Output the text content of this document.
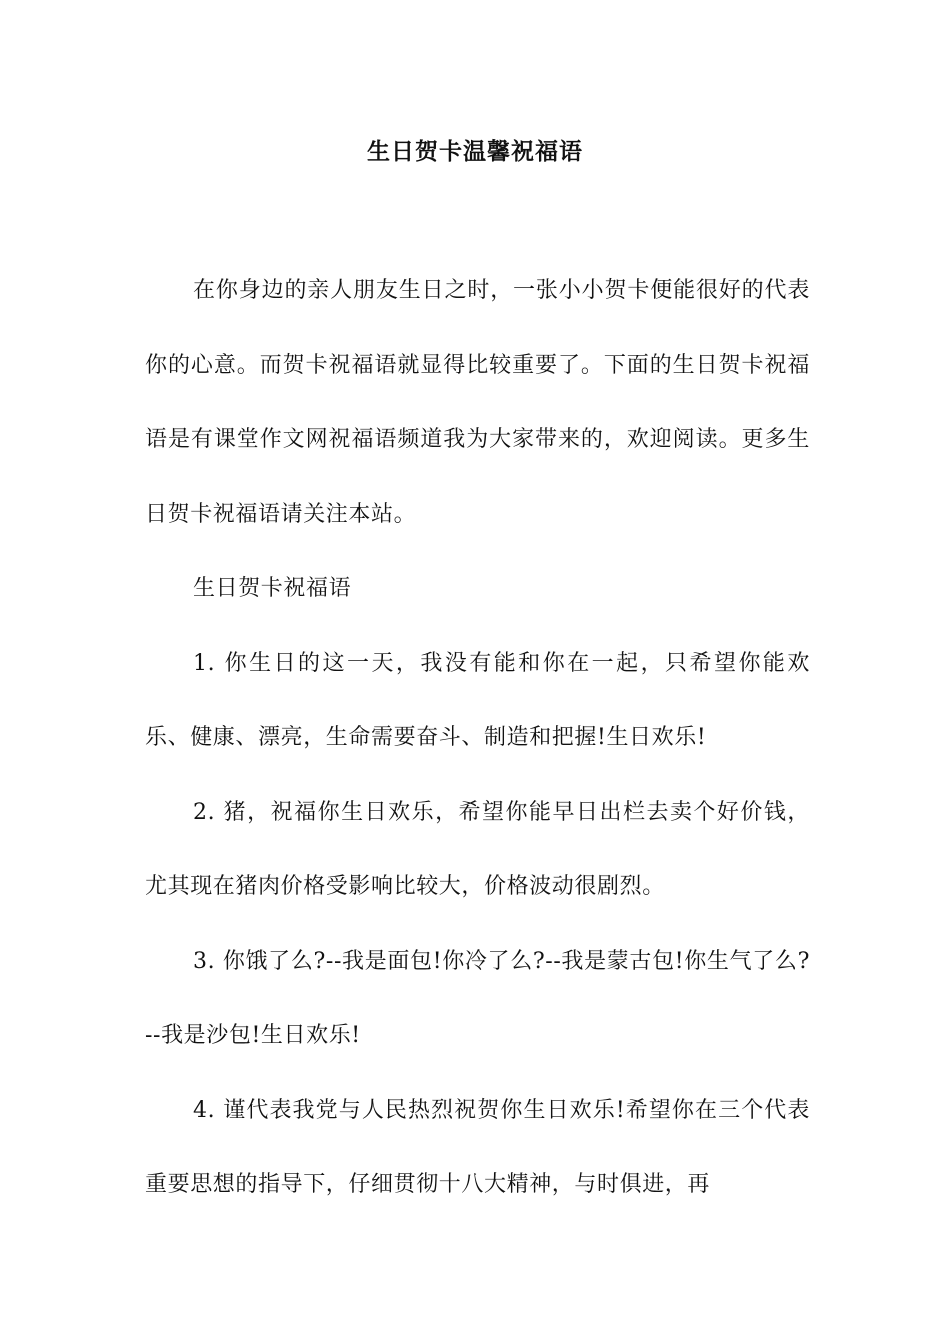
生日贺卡温馨祝福语

在你身边的亲人朋友生日之时，一张小小贺卡便能很好的代表你的心意。而贺卡祝福语就显得比较重要了。下面的生日贺卡祝福语是有课堂作文网祝福语频道我为大家带来的，欢迎阅读。更多生日贺卡祝福语请关注本站。

生日贺卡祝福语

1. 你生日的这一天，我没有能和你在一起，只希望你能欢乐、健康、漂亮，生命需要奋斗、制造和把握!生日欢乐!

2. 猪，祝福你生日欢乐，希望你能早日出栏去卖个好价钱，尤其现在猪肉价格受影响比较大，价格波动很剧烈。

3. 你饿了么?--我是面包!你冷了么?--我是蒙古包!你生气了么?--我是沙包!生日欢乐!

4. 谨代表我党与人民热烈祝贺你生日欢乐!希望你在三个代表重要思想的指导下，仔细贯彻十八大精神，与时俱进，再
